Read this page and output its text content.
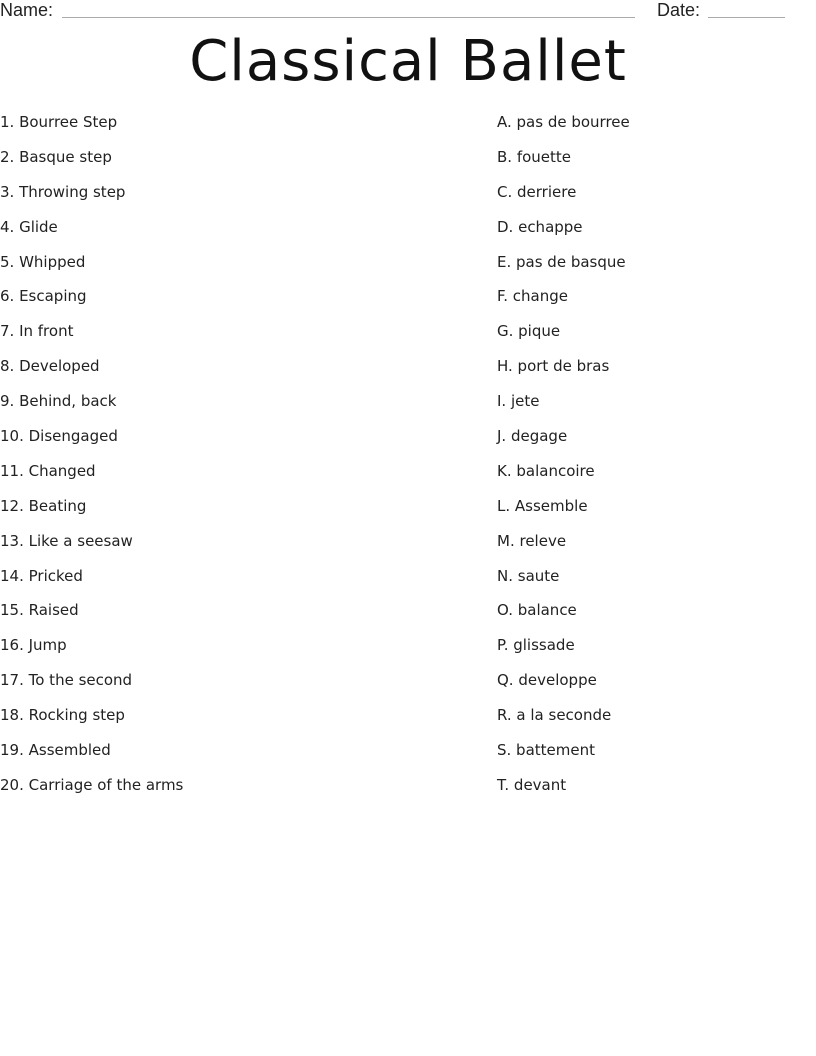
Name:	Date:
Classical Ballet
1. Bourree Step
2. Basque step
3. Throwing step
4. Glide
5. Whipped
6. Escaping
7. In front
8. Developed
9. Behind, back
10. Disengaged
11. Changed
12. Beating
13. Like a seesaw
14. Pricked
15. Raised
16. Jump
17. To the second
18. Rocking step
19. Assembled
20. Carriage of the arms
A. pas de bourree
B. fouette
C. derriere
D. echappe
E. pas de basque
F. change
G. pique
H. port de bras
I. jete
J. degage
K. balancoire
L. Assemble
M. releve
N. saute
O. balance
P. glissade
Q. developpe
R. a la seconde
S. battement
T. devant
